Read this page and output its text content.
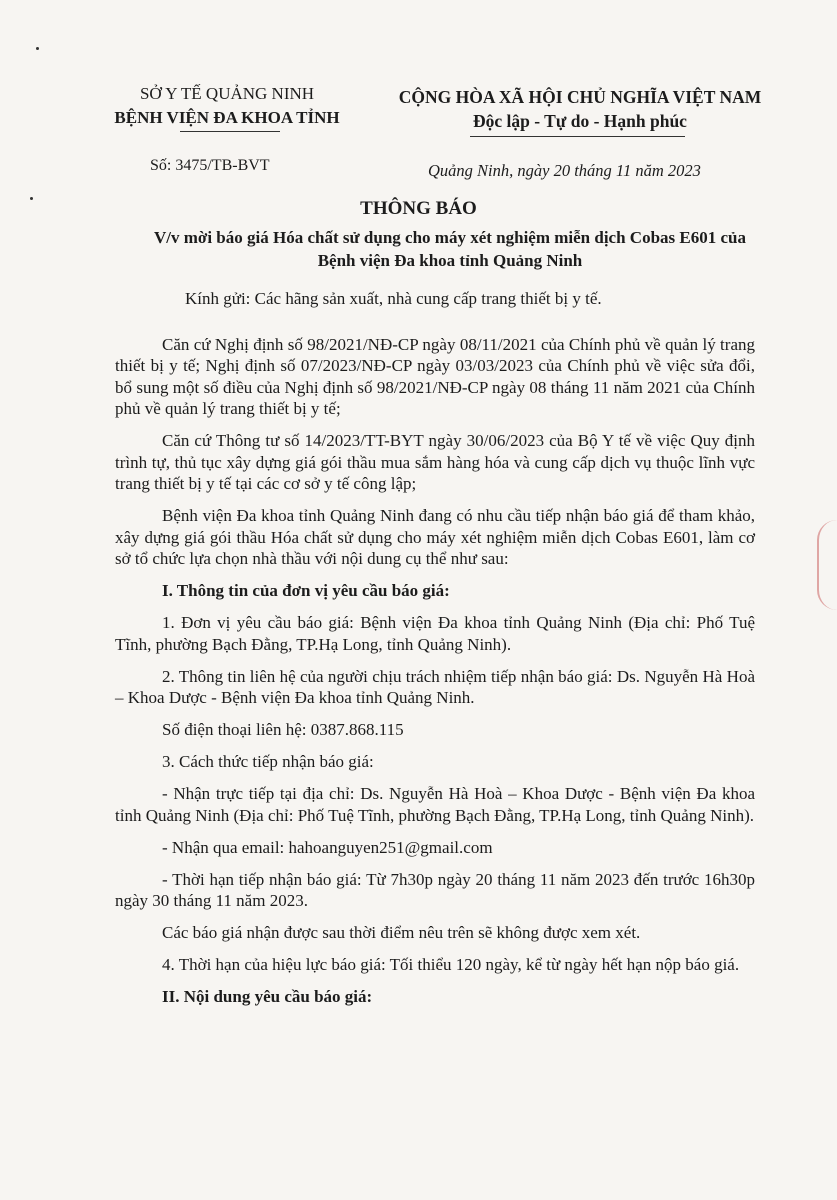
SỞ Y TẾ QUẢNG NINH
BỆNH VIỆN ĐA KHOA TỈNH
CỘNG HÒA XÃ HỘI CHỦ NGHĨA VIỆT NAM
Độc lập - Tự do - Hạnh phúc
Số: 3475/TB-BVT	Quảng Ninh, ngày 20 tháng 11 năm 2023
THÔNG BÁO
V/v mời báo giá Hóa chất sử dụng cho máy xét nghiệm miễn dịch Cobas E601 của Bệnh viện Đa khoa tỉnh Quảng Ninh

Kính gửi: Các hãng sản xuất, nhà cung cấp trang thiết bị y tế.

Căn cứ Nghị định số 98/2021/NĐ-CP ngày 08/11/2021 của Chính phủ về quản lý trang thiết bị y tế; Nghị định số 07/2023/NĐ-CP ngày 03/03/2023 của Chính phủ về việc sửa đổi, bổ sung một số điều của Nghị định số 98/2021/NĐ-CP ngày 08 tháng 11 năm 2021 của Chính phủ về quản lý trang thiết bị y tế;

Căn cứ Thông tư số 14/2023/TT-BYT ngày 30/06/2023 của Bộ Y tế về việc Quy định trình tự, thủ tục xây dựng giá gói thầu mua sắm hàng hóa và cung cấp dịch vụ thuộc lĩnh vực trang thiết bị y tế tại các cơ sở y tế công lập;

Bệnh viện Đa khoa tỉnh Quảng Ninh đang có nhu cầu tiếp nhận báo giá để tham khảo, xây dựng giá gói thầu Hóa chất sử dụng cho máy xét nghiệm miễn dịch Cobas E601, làm cơ sở tổ chức lựa chọn nhà thầu với nội dung cụ thể như sau:

I. Thông tin của đơn vị yêu cầu báo giá:

1. Đơn vị yêu cầu báo giá: Bệnh viện Đa khoa tỉnh Quảng Ninh (Địa chỉ: Phố Tuệ Tĩnh, phường Bạch Đằng, TP.Hạ Long, tỉnh Quảng Ninh).

2. Thông tin liên hệ của người chịu trách nhiệm tiếp nhận báo giá: Ds. Nguyễn Hà Hoà – Khoa Dược - Bệnh viện Đa khoa tỉnh Quảng Ninh.

Số điện thoại liên hệ: 0387.868.115

3. Cách thức tiếp nhận báo giá:

- Nhận trực tiếp tại địa chỉ: Ds. Nguyễn Hà Hoà – Khoa Dược - Bệnh viện Đa khoa tỉnh Quảng Ninh (Địa chỉ: Phố Tuệ Tĩnh, phường Bạch Đằng, TP.Hạ Long, tỉnh Quảng Ninh).

- Nhận qua email: hahoanguyen251@gmail.com

- Thời hạn tiếp nhận báo giá: Từ 7h30p ngày 20 tháng 11 năm 2023 đến trước 16h30p ngày 30 tháng 11 năm 2023.

Các báo giá nhận được sau thời điểm nêu trên sẽ không được xem xét.

4. Thời hạn của hiệu lực báo giá: Tối thiểu 120 ngày, kể từ ngày hết hạn nộp báo giá.

II. Nội dung yêu cầu báo giá:
